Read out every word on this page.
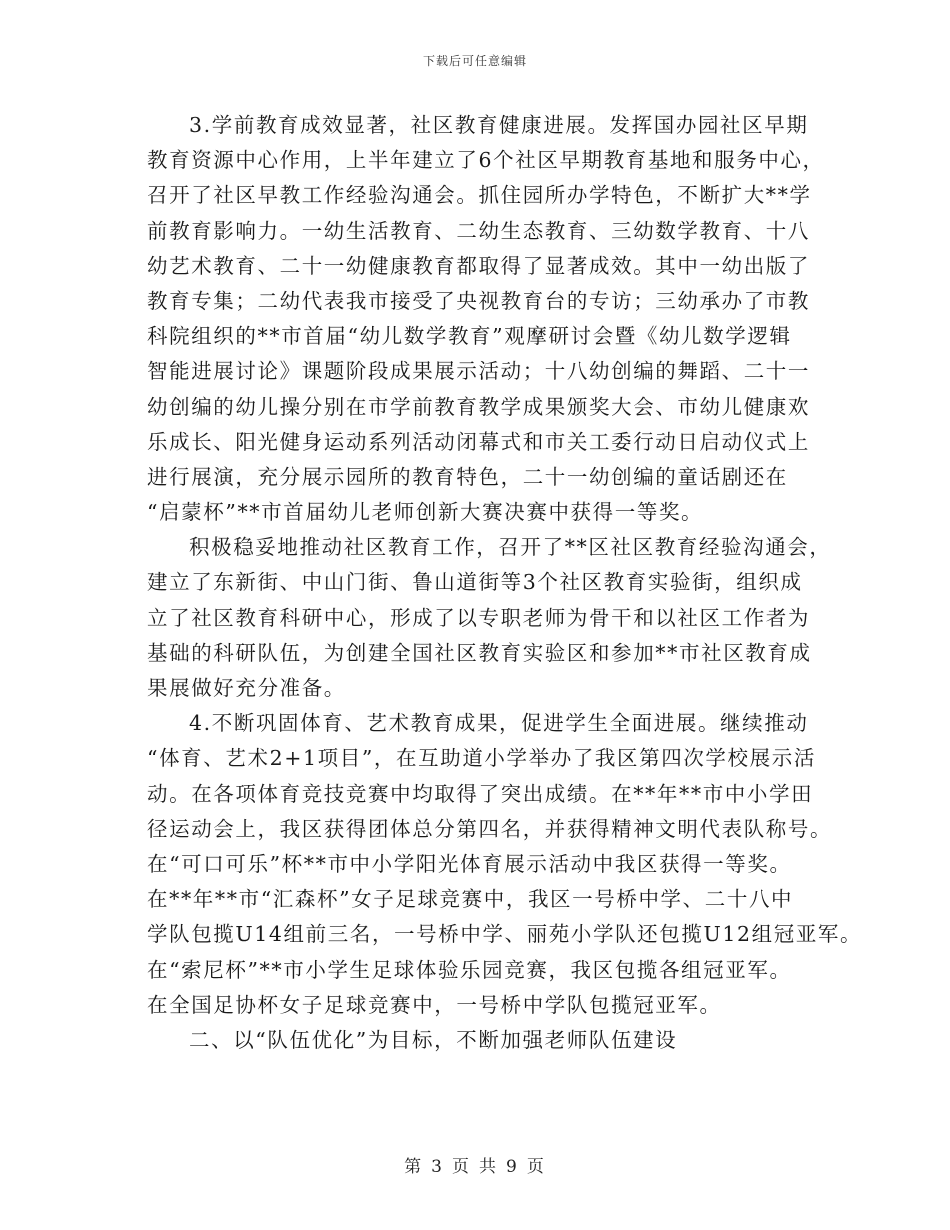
下载后可任意编辑
3.学前教育成效显著，社区教育健康进展。发挥国办园社区早期
教育资源中心作用，上半年建立了6个社区早期教育基地和服务中心，
召开了社区早教工作经验沟通会。抓住园所办学特色，不断扩大**学
前教育影响力。一幼生活教育、二幼生态教育、三幼数学教育、十八
幼艺术教育、二十一幼健康教育都取得了显著成效。其中一幼出版了
教育专集；二幼代表我市接受了央视教育台的专访；三幼承办了市教
科院组织的**市首届“幼儿数学教育”观摩研讨会暨《幼儿数学逻辑
智能进展讨论》课题阶段成果展示活动；十八幼创编的舞蹈、二十一
幼创编的幼儿操分别在市学前教育教学成果颁奖大会、市幼儿健康欢
乐成长、阳光健身运动系列活动闭幕式和市关工委行动日启动仪式上
进行展演，充分展示园所的教育特色，二十一幼创编的童话剧还在
“启蒙杯”**市首届幼儿老师创新大赛决赛中获得一等奖。
积极稳妥地推动社区教育工作，召开了**区社区教育经验沟通会，
建立了东新街、中山门街、鲁山道街等3个社区教育实验街，组织成
立了社区教育科研中心，形成了以专职老师为骨干和以社区工作者为
基础的科研队伍，为创建全国社区教育实验区和参加**市社区教育成
果展做好充分准备。
4.不断巩固体育、艺术教育成果，促进学生全面进展。继续推动
“体育、艺术2+1项目”，在互助道小学举办了我区第四次学校展示活
动。在各项体育竞技竞赛中均取得了突出成绩。在**年**市中小学田
径运动会上，我区获得团体总分第四名，并获得精神文明代表队称号。
在“可口可乐”杯**市中小学阳光体育展示活动中我区获得一等奖。
在**年**市“汇森杯”女子足球竞赛中，我区一号桥中学、二十八中
学队包揽U14组前三名，一号桥中学、丽苑小学队还包揽U12组冠亚军。
在“索尼杯”**市小学生足球体验乐园竞赛，我区包揽各组冠亚军。
在全国足协杯女子足球竞赛中，一号桥中学队包揽冠亚军。
二、以“队伍优化”为目标，不断加强老师队伍建设
第 3 页 共 9 页
